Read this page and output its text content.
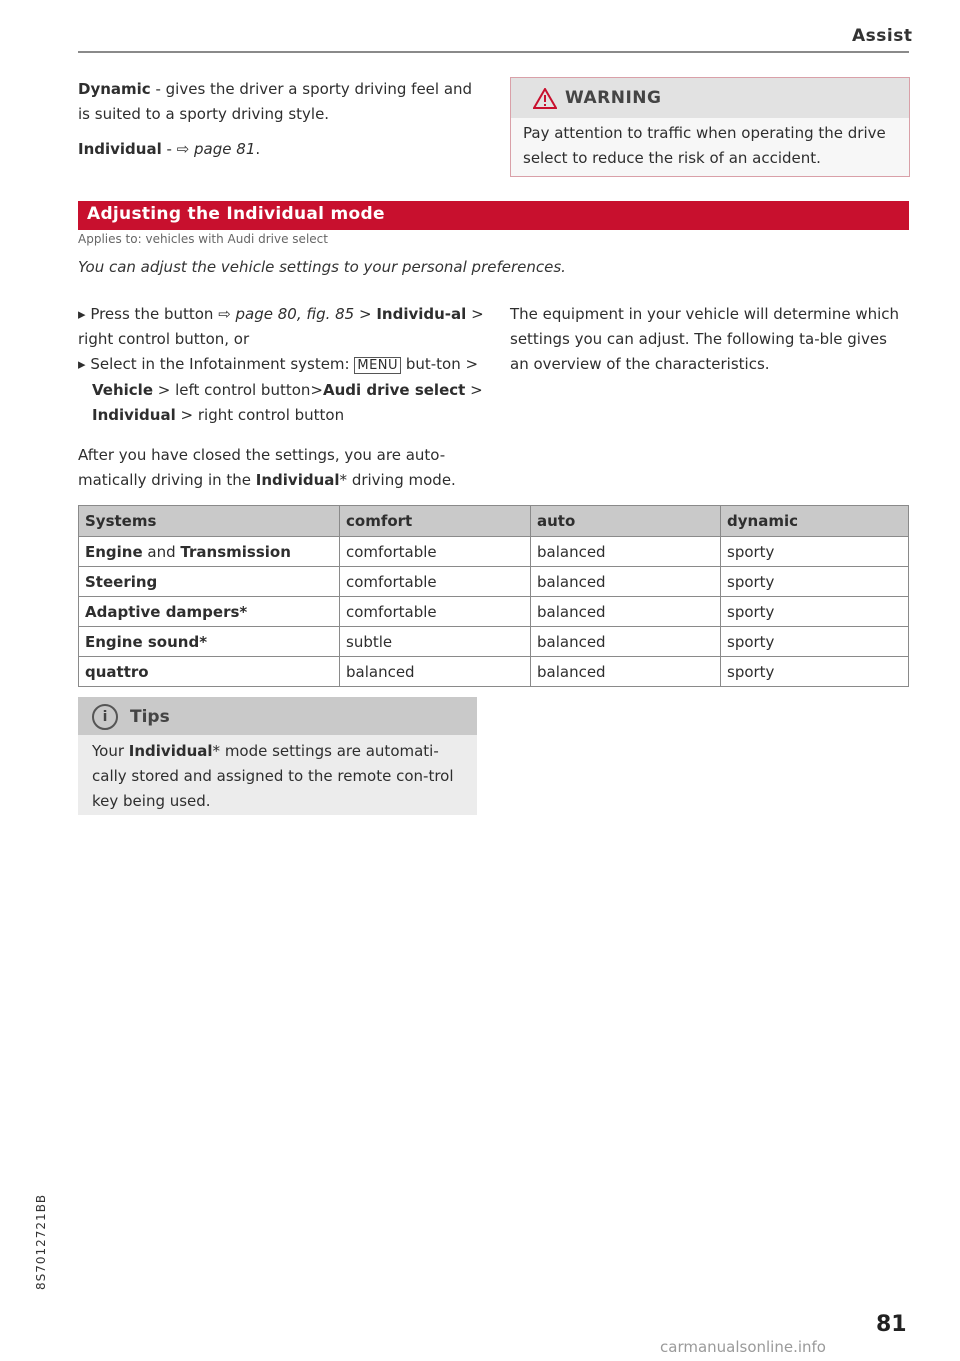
Assist
Dynamic - gives the driver a sporty driving feel and is suited to a sporty driving style.
Individual - ⇨ page 81.
WARNING
Pay attention to traffic when operating the drive select to reduce the risk of an accident.
Adjusting the Individual mode
Applies to: vehicles with Audi drive select
You can adjust the vehicle settings to your personal preferences.
▸ Press the button ⇨ page 80, fig. 85 > Individu-al > right control button, or
▸ Select in the Infotainment system: MENU but-ton > Vehicle > left control button>Audi drive select > Individual > right control button
The equipment in your vehicle will determine which settings you can adjust. The following ta-ble gives an overview of the characteristics.
After you have closed the settings, you are auto-matically driving in the Individual* driving mode.
Systems	comfort	auto	dynamic
Engine and Transmission	comfortable	balanced	sporty
Steering	comfortable	balanced	sporty
Adaptive dampers*	comfortable	balanced	sporty
Engine sound*	subtle	balanced	sporty
quattro	balanced	balanced	sporty
i	Tips
Your Individual* mode settings are automati-cally stored and assigned to the remote con-trol key being used.
8S7012721BB
81
carmanualsonline.info
